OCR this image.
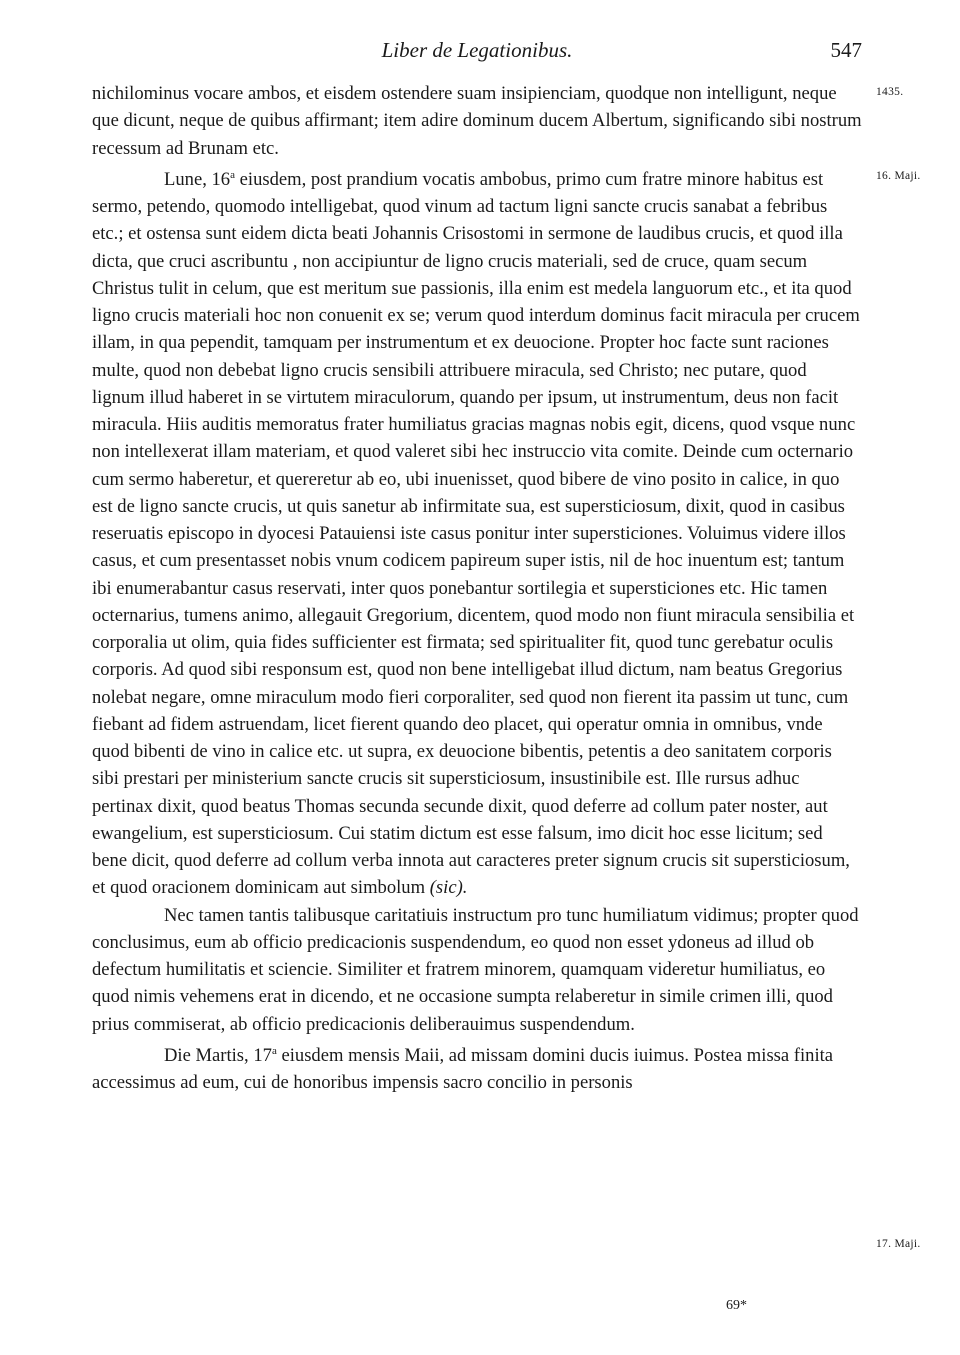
Liber de Legationibus.	547
1435.
16. Maji.
17. Maji.

nichilominus vocare ambos, et eisdem ostendere suam insipienciam, quodque non intelligunt, neque que dicunt, neque de quibus affirmant; item adire dominum ducem Albertum, significando sibi nostrum recessum ad Brunam etc.

Lune, 16$^a$ eiusdem, post prandium vocatis ambobus, primo cum fratre minore habitus est sermo, petendo, quomodo intelligebat, quod vinum ad tactum ligni sancte crucis sanabat a febribus etc.; et ostensa sunt eidem dicta beati Johannis Crisostomi in sermone de laudibus crucis, et quod illa dicta, que cruci ascribuntu , non accipiuntur de ligno crucis materiali, sed de cruce, quam secum Christus tulit in celum, que est meritum sue passionis, illa enim est medela languorum etc., et ita quod ligno crucis materiali hoc non conuenit ex se; verum quod interdum dominus facit miracula per crucem illam, in qua pependit, tamquam per instrumentum et ex deuocione. Propter hoc facte sunt raciones multe, quod non debebat ligno crucis sensibili attribuere miracula, sed Christo; nec putare, quod lignum illud haberet in se virtutem miraculorum, quando per ipsum, ut instrumentum, deus non facit miracula. Hiis auditis memoratus frater humiliatus gracias magnas nobis egit, dicens, quod vsque nunc non intellexerat illam materiam, et quod valeret sibi hec instruccio vita comite. Deinde cum octernario cum sermo haberetur, et quereretur ab eo, ubi inuenisset, quod bibere de vino posito in calice, in quo est de ligno sancte crucis, ut quis sanetur ab infirmitate sua, est supersticiosum, dixit, quod in casibus reseruatis episcopo in dyocesi Patauiensi iste casus ponitur inter supersticiones. Voluimus videre illos casus, et cum presentasset nobis vnum codicem papireum super istis, nil de hoc inuentum est; tantum ibi enumerabantur casus reservati, inter quos ponebantur sortilegia et supersticiones etc. Hic tamen octernarius, tumens animo, allegauit Gregorium, dicentem, quod modo non fiunt miracula sensibilia et corporalia ut olim, quia fides sufficienter est firmata; sed spiritualiter fit, quod tunc gerebatur oculis corporis. Ad quod sibi responsum est, quod non bene intelligebat illud dictum, nam beatus Gregorius nolebat negare, omne miraculum modo fieri corporaliter, sed quod non fierent ita passim ut tunc, cum fiebant ad fidem astruendam, licet fierent quando deo placet, qui operatur omnia in omnibus, vnde quod bibenti de vino in calice etc. ut supra, ex deuocione bibentis, petentis a deo sanitatem corporis sibi prestari per ministerium sancte crucis sit supersticiosum, insustinibile est. Ille rursus adhuc pertinax dixit, quod beatus Thomas secunda secunde dixit, quod deferre ad collum pater noster, aut ewangelium, est supersticiosum. Cui statim dictum est esse falsum, imo dicit hoc esse licitum; sed bene dicit, quod deferre ad collum verba innota aut caracteres preter signum crucis sit supersticiosum, et quod oracionem dominicam aut simbolum (sic).

Nec tamen tantis talibusque caritatiuis instructum pro tunc humiliatum vidimus; propter quod conclusimus, eum ab officio predicacionis suspendendum, eo quod non esset ydoneus ad illud ob defectum humilitatis et sciencie. Similiter et fratrem minorem, quamquam videretur humiliatus, eo quod nimis vehemens erat in dicendo, et ne occasione sumpta relaberetur in simile crimen illi, quod prius commiserat, ab officio predicacionis deliberauimus suspendendum.

Die Martis, 17$^a$ eiusdem mensis Maii, ad missam domini ducis iuimus. Postea missa finita accessimus ad eum, cui de honoribus impensis sacro concilio in personis

69*
